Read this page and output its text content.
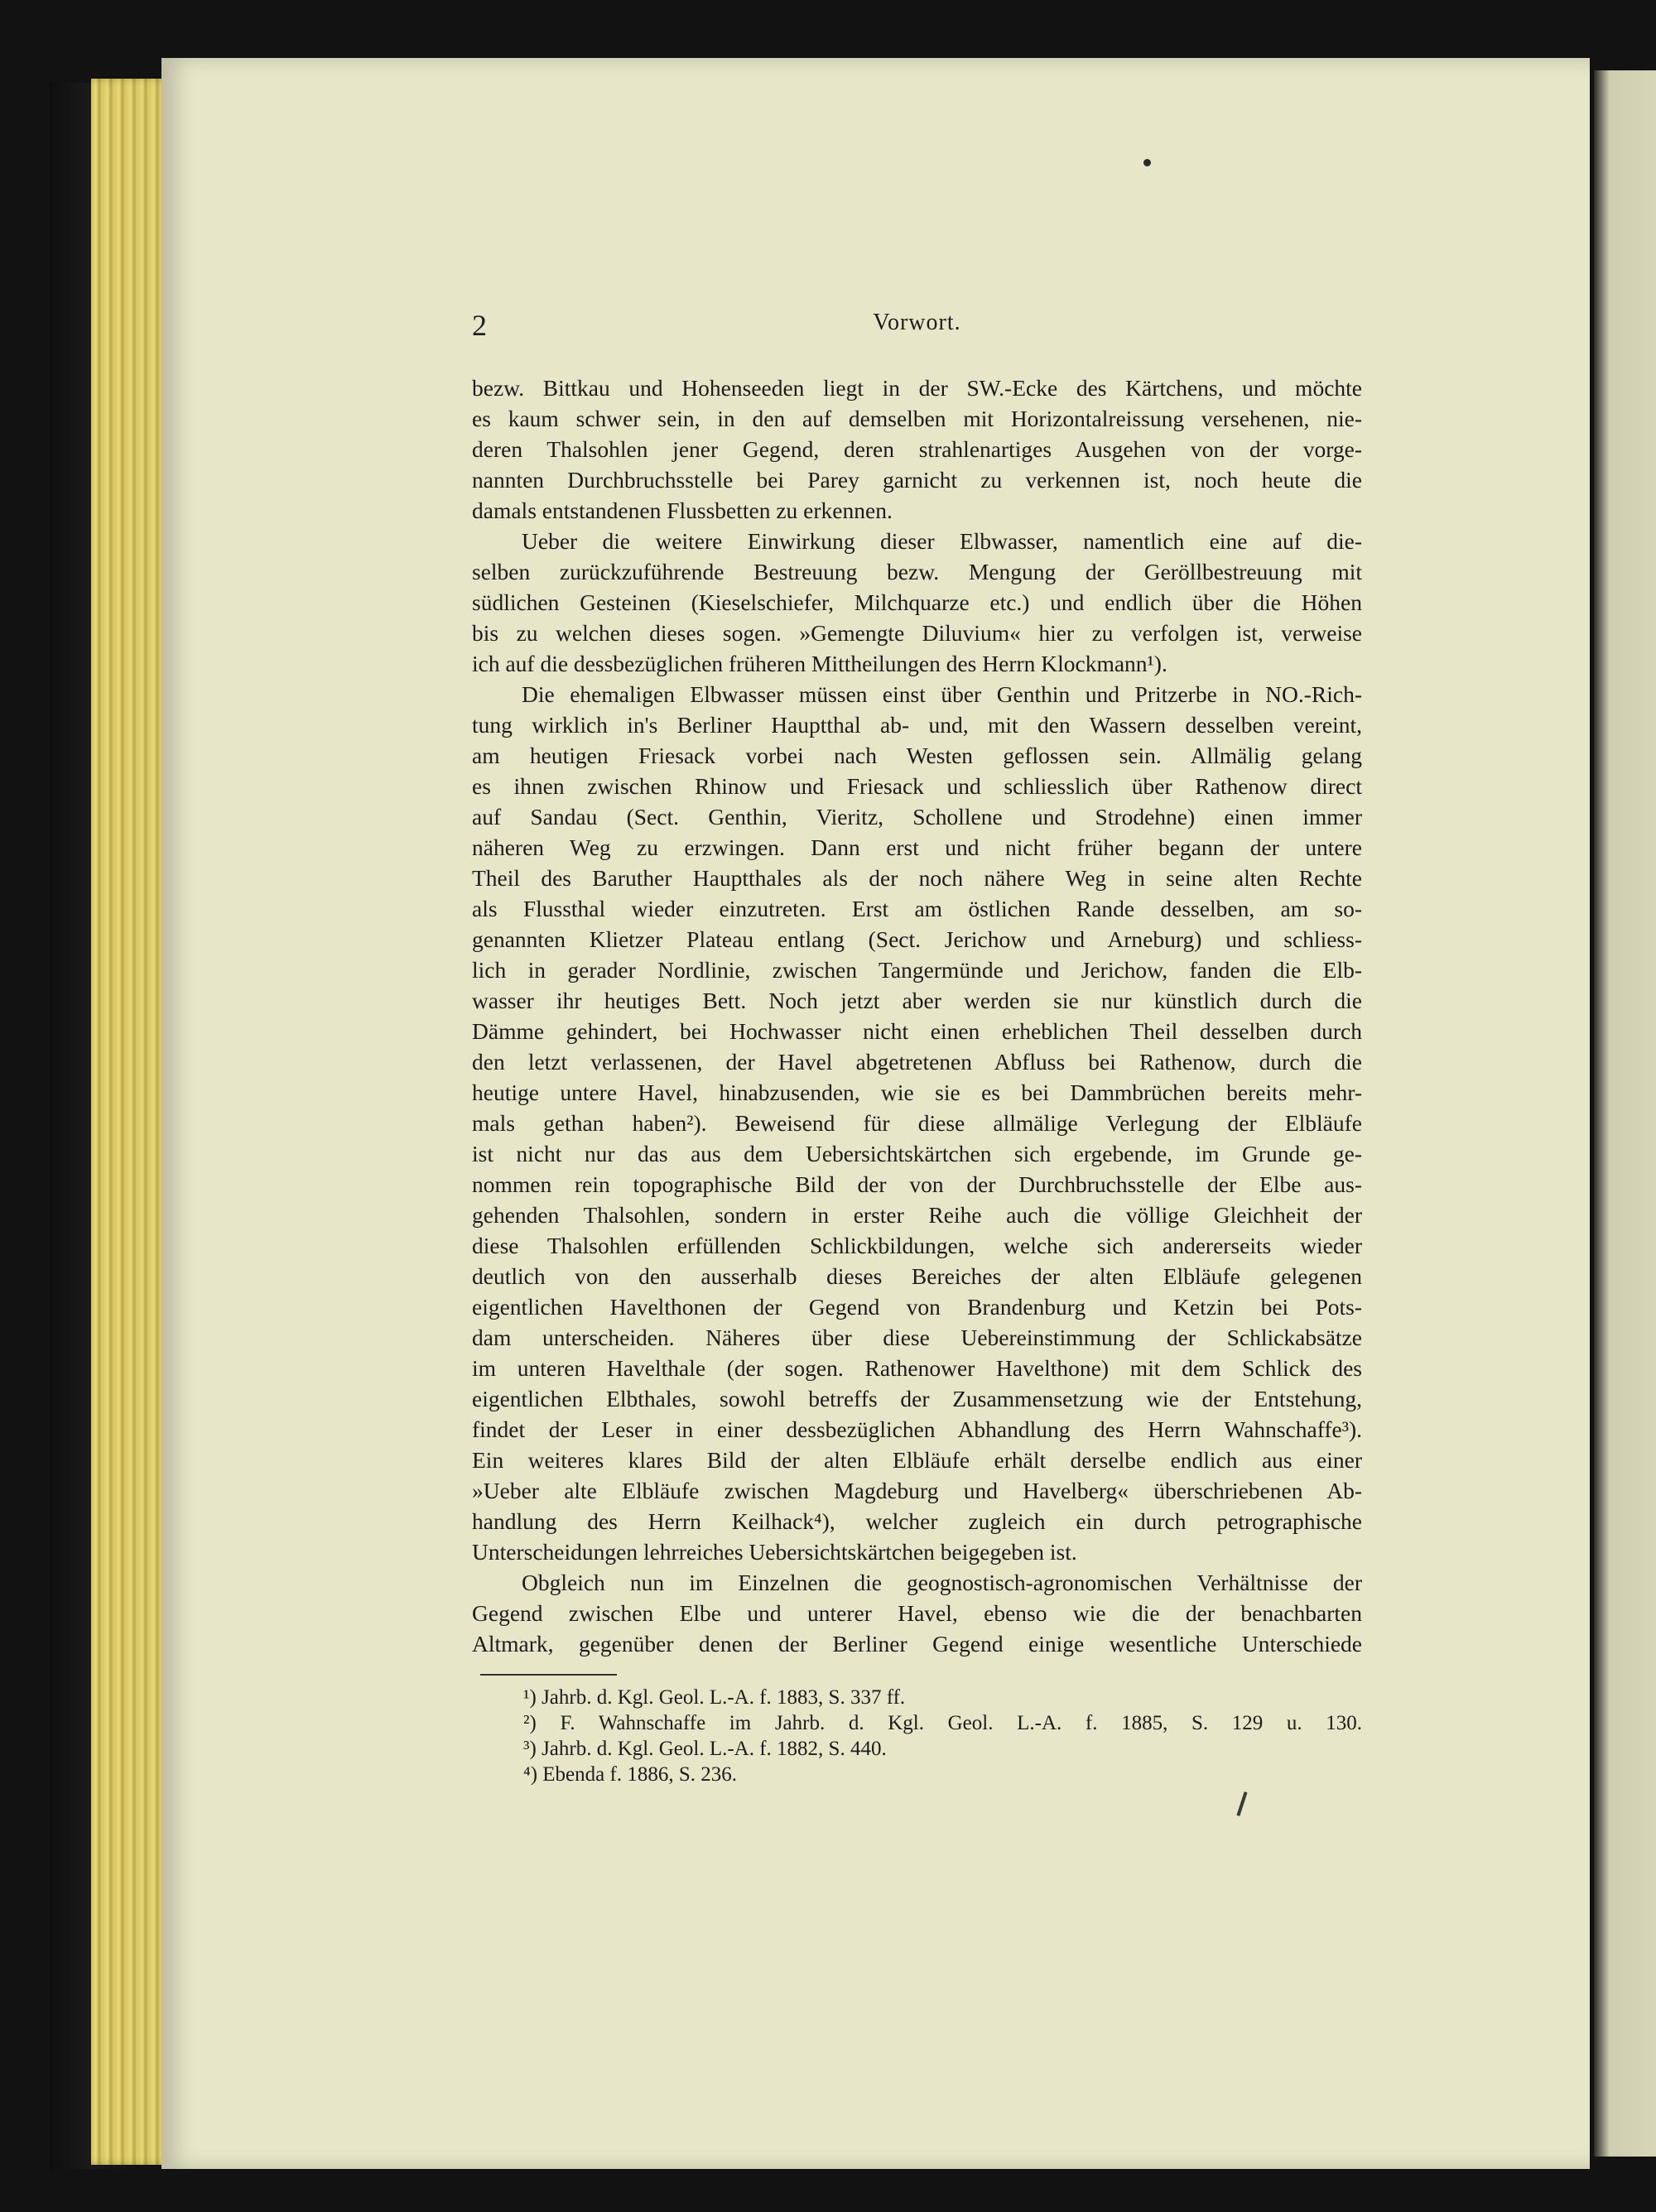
2	Vorwort.
bezw. Bittkau und Hohenseeden liegt in der SW.-Ecke des Kärtchens, und möchte
es kaum schwer sein, in den auf demselben mit Horizontalreissung versehenen, nie-
deren Thalsohlen jener Gegend, deren strahlenartiges Ausgehen von der vorge-
nannten Durchbruchsstelle bei Parey garnicht zu verkennen ist, noch heute die
damals entstandenen Flussbetten zu erkennen.
Ueber die weitere Einwirkung dieser Elbwasser, namentlich eine auf die-
selben zurückzuführende Bestreuung bezw. Mengung der Geröllbestreuung mit
südlichen Gesteinen (Kieselschiefer, Milchquarze etc.) und endlich über die Höhen
bis zu welchen dieses sogen. »Gemengte Diluvium« hier zu verfolgen ist, verweise
ich auf die dessbezüglichen früheren Mittheilungen des Herrn Klockmann¹).
Die ehemaligen Elbwasser müssen einst über Genthin und Pritzerbe in NO.-Rich-
tung wirklich in's Berliner Hauptthal ab- und, mit den Wassern desselben vereint,
am heutigen Friesack vorbei nach Westen geflossen sein. Allmälig gelang
es ihnen zwischen Rhinow und Friesack und schliesslich über Rathenow direct
auf Sandau (Sect. Genthin, Vieritz, Schollene und Strodehne) einen immer
näheren Weg zu erzwingen. Dann erst und nicht früher begann der untere
Theil des Baruther Hauptthales als der noch nähere Weg in seine alten Rechte
als Flussthal wieder einzutreten. Erst am östlichen Rande desselben, am so-
genannten Klietzer Plateau entlang (Sect. Jerichow und Arneburg) und schliess-
lich in gerader Nordlinie, zwischen Tangermünde und Jerichow, fanden die Elb-
wasser ihr heutiges Bett. Noch jetzt aber werden sie nur künstlich durch die
Dämme gehindert, bei Hochwasser nicht einen erheblichen Theil desselben durch
den letzt verlassenen, der Havel abgetretenen Abfluss bei Rathenow, durch die
heutige untere Havel, hinabzusenden, wie sie es bei Dammbrüchen bereits mehr-
mals gethan haben²). Beweisend für diese allmälige Verlegung der Elbläufe
ist nicht nur das aus dem Uebersichtskärtchen sich ergebende, im Grunde ge-
nommen rein topographische Bild der von der Durchbruchsstelle der Elbe aus-
gehenden Thalsohlen, sondern in erster Reihe auch die völlige Gleichheit der
diese Thalsohlen erfüllenden Schlickbildungen, welche sich andererseits wieder
deutlich von den ausserhalb dieses Bereiches der alten Elbläufe gelegenen
eigentlichen Havelthonen der Gegend von Brandenburg und Ketzin bei Pots-
dam unterscheiden. Näheres über diese Uebereinstimmung der Schlickabsätze
im unteren Havelthale (der sogen. Rathenower Havelthone) mit dem Schlick des
eigentlichen Elbthales, sowohl betreffs der Zusammensetzung wie der Entstehung,
findet der Leser in einer dessbezüglichen Abhandlung des Herrn Wahnschaffe³).
Ein weiteres klares Bild der alten Elbläufe erhält derselbe endlich aus einer
»Ueber alte Elbläufe zwischen Magdeburg und Havelberg« überschriebenen Ab-
handlung des Herrn Keilhack⁴), welcher zugleich ein durch petrographische
Unterscheidungen lehrreiches Uebersichtskärtchen beigegeben ist.
Obgleich nun im Einzelnen die geognostisch-agronomischen Verhältnisse der
Gegend zwischen Elbe und unterer Havel, ebenso wie die der benachbarten
Altmark, gegenüber denen der Berliner Gegend einige wesentliche Unterschiede
¹) Jahrb. d. Kgl. Geol. L.-A. f. 1883, S. 337 ff.
²) F. Wahnschaffe im Jahrb. d. Kgl. Geol. L.-A. f. 1885, S. 129 u. 130.
³) Jahrb. d. Kgl. Geol. L.-A. f. 1882, S. 440.
⁴) Ebenda f. 1886, S. 236.
